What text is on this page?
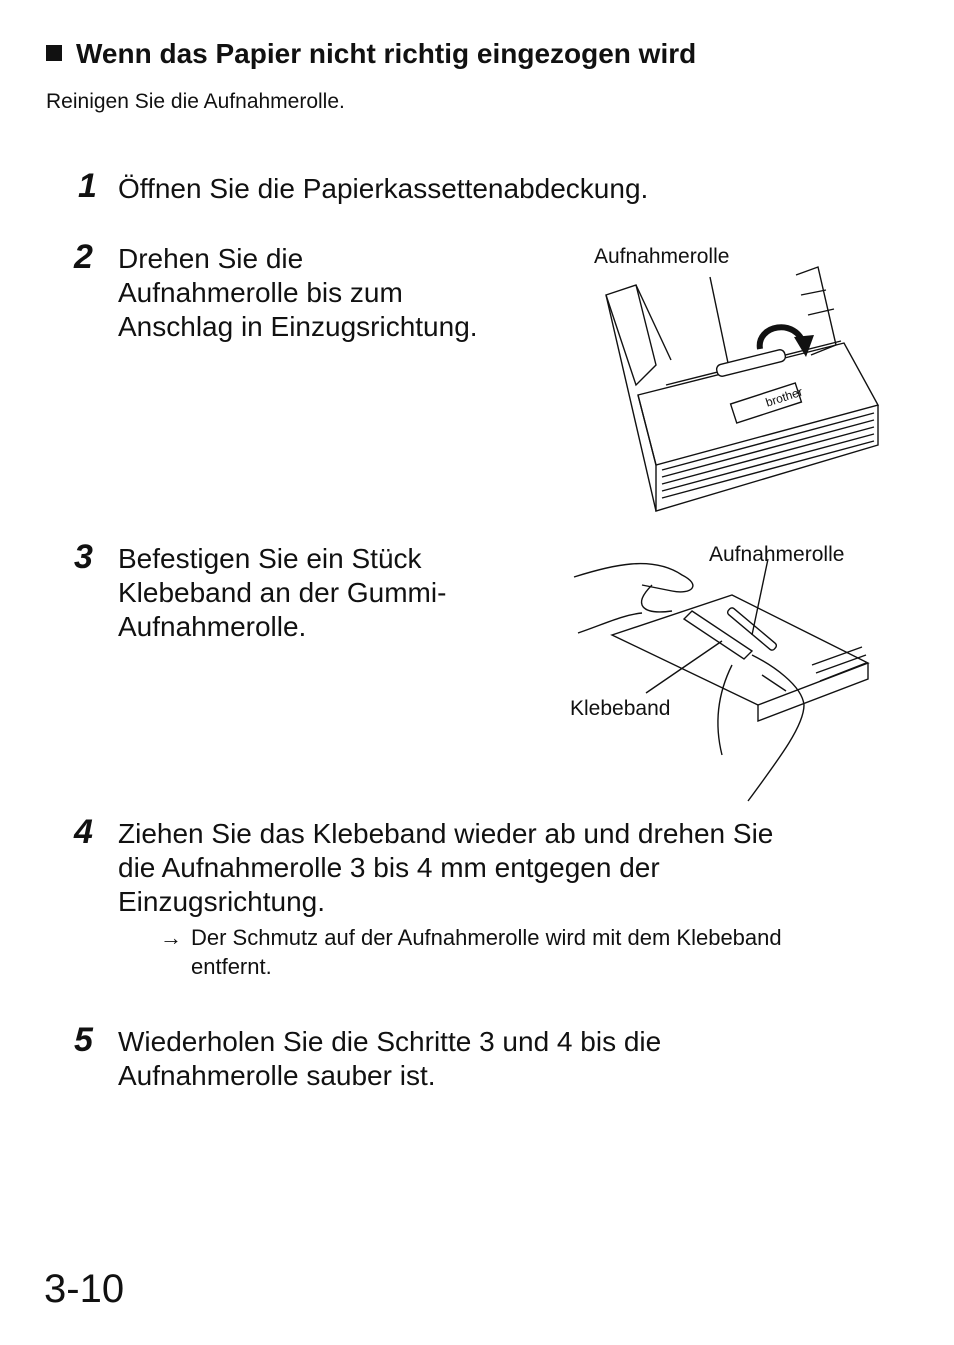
Wenn das Papier nicht richtig eingezogen wird
Reinigen Sie die Aufnahmerolle.
1 Öffnen Sie die Papierkassettenabdeckung.
2 Drehen Sie die
Aufnahmerolle bis zum
Anschlag in Einzugsrichtung.
3 Befestigen Sie ein Stück
Klebeband an der Gummi-
Aufnahmerolle.
4 Ziehen Sie das Klebeband wieder ab und drehen Sie
die Aufnahmerolle 3 bis 4 mm entgegen der
Einzugsrichtung.
→ Der Schmutz auf der Aufnahmerolle wird mit dem Klebeband
entfernt.
5 Wiederholen Sie die Schritte 3 und 4 bis die
Aufnahmerolle sauber ist.
Aufnahmerolle
brother
Aufnahmerolle
Klebeband
3-10
